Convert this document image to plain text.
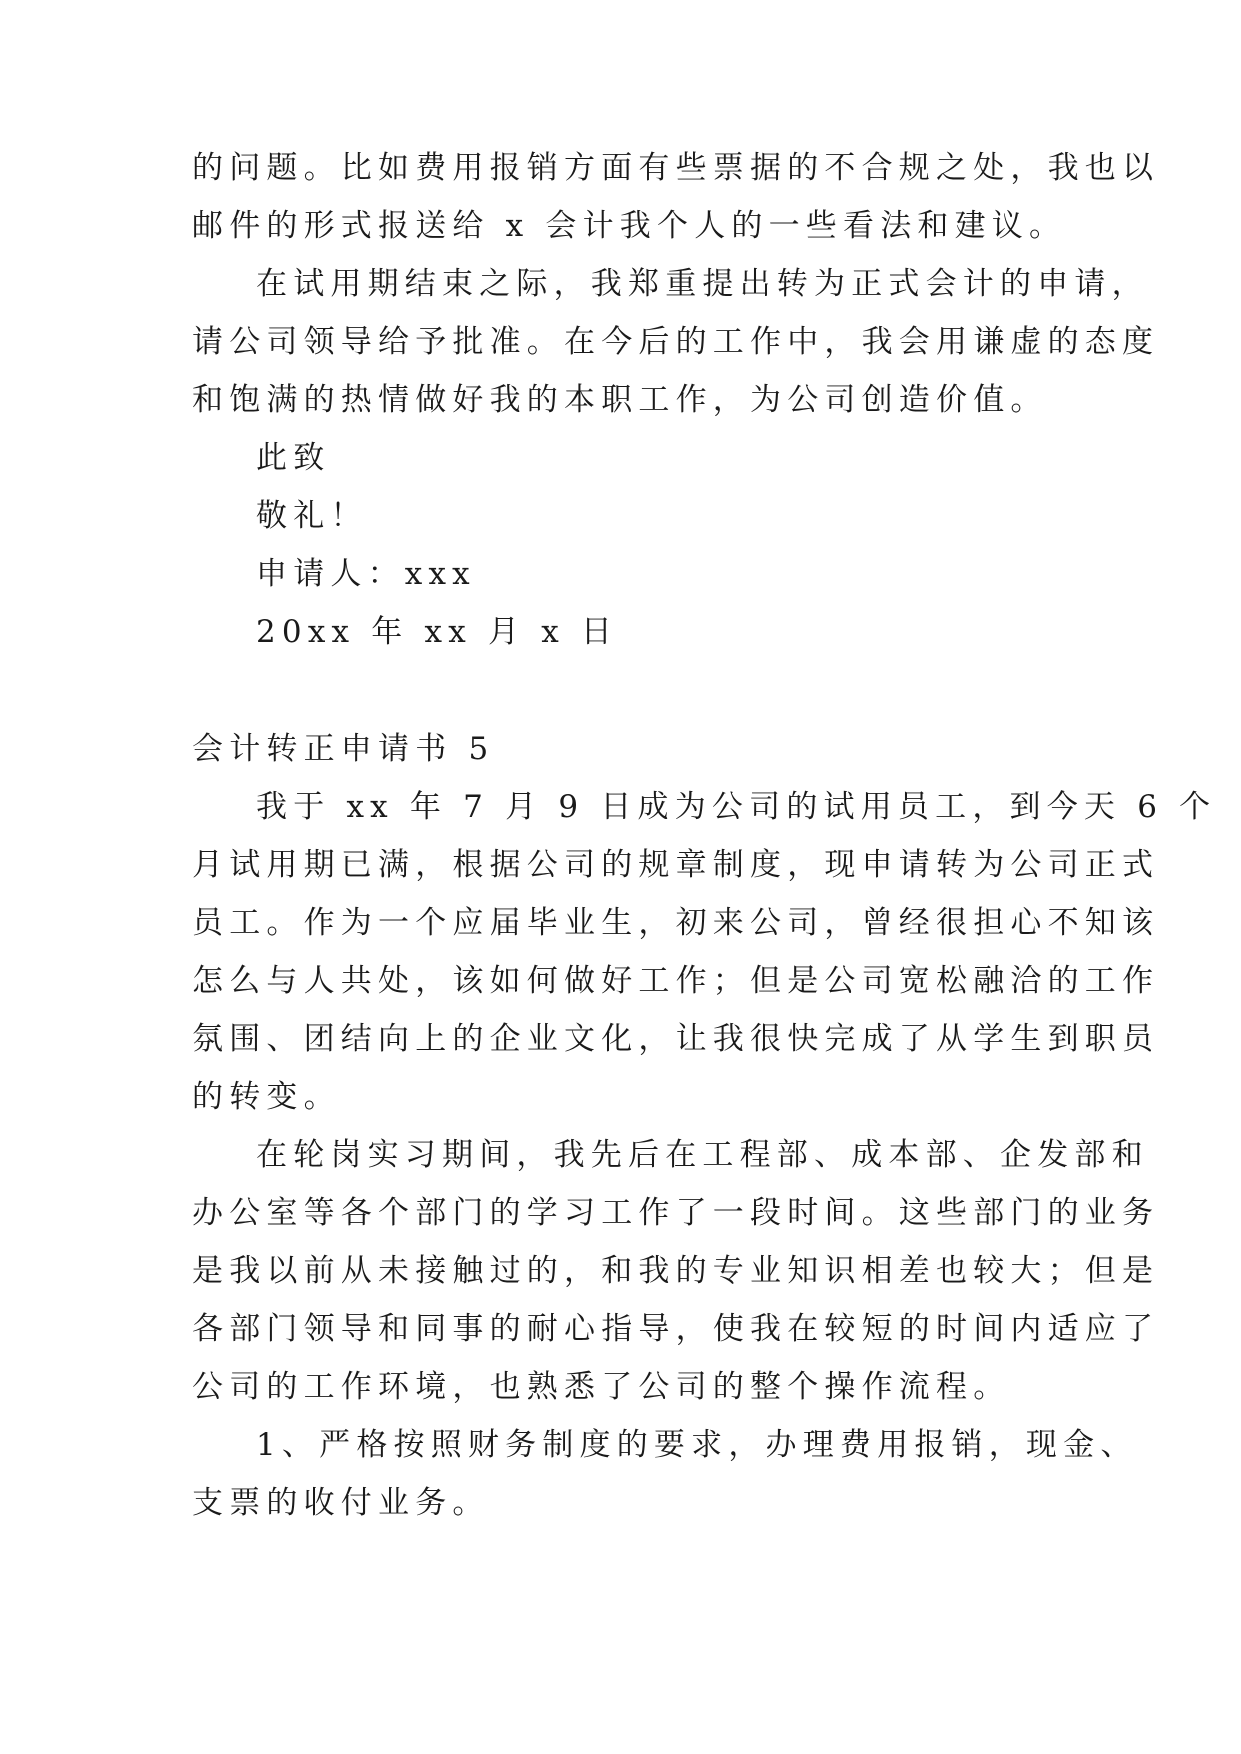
的问题。比如费用报销方面有些票据的不合规之处，我也以
邮件的形式报送给 x 会计我个人的一些看法和建议。
在试用期结束之际，我郑重提出转为正式会计的申请，
请公司领导给予批准。在今后的工作中，我会用谦虚的态度
和饱满的热情做好我的本职工作，为公司创造价值。
此致
敬礼！
申请人：xxx
20xx 年 xx 月 x 日
会计转正申请书 5
我于 xx 年 7 月 9 日成为公司的试用员工，到今天 6 个
月试用期已满，根据公司的规章制度，现申请转为公司正式
员工。作为一个应届毕业生，初来公司，曾经很担心不知该
怎么与人共处，该如何做好工作；但是公司宽松融洽的工作
氛围、团结向上的企业文化，让我很快完成了从学生到职员
的转变。
在轮岗实习期间，我先后在工程部、成本部、企发部和
办公室等各个部门的学习工作了一段时间。这些部门的业务
是我以前从未接触过的，和我的专业知识相差也较大；但是
各部门领导和同事的耐心指导，使我在较短的时间内适应了
公司的工作环境，也熟悉了公司的整个操作流程。
1、严格按照财务制度的要求，办理费用报销，现金、
支票的收付业务。
